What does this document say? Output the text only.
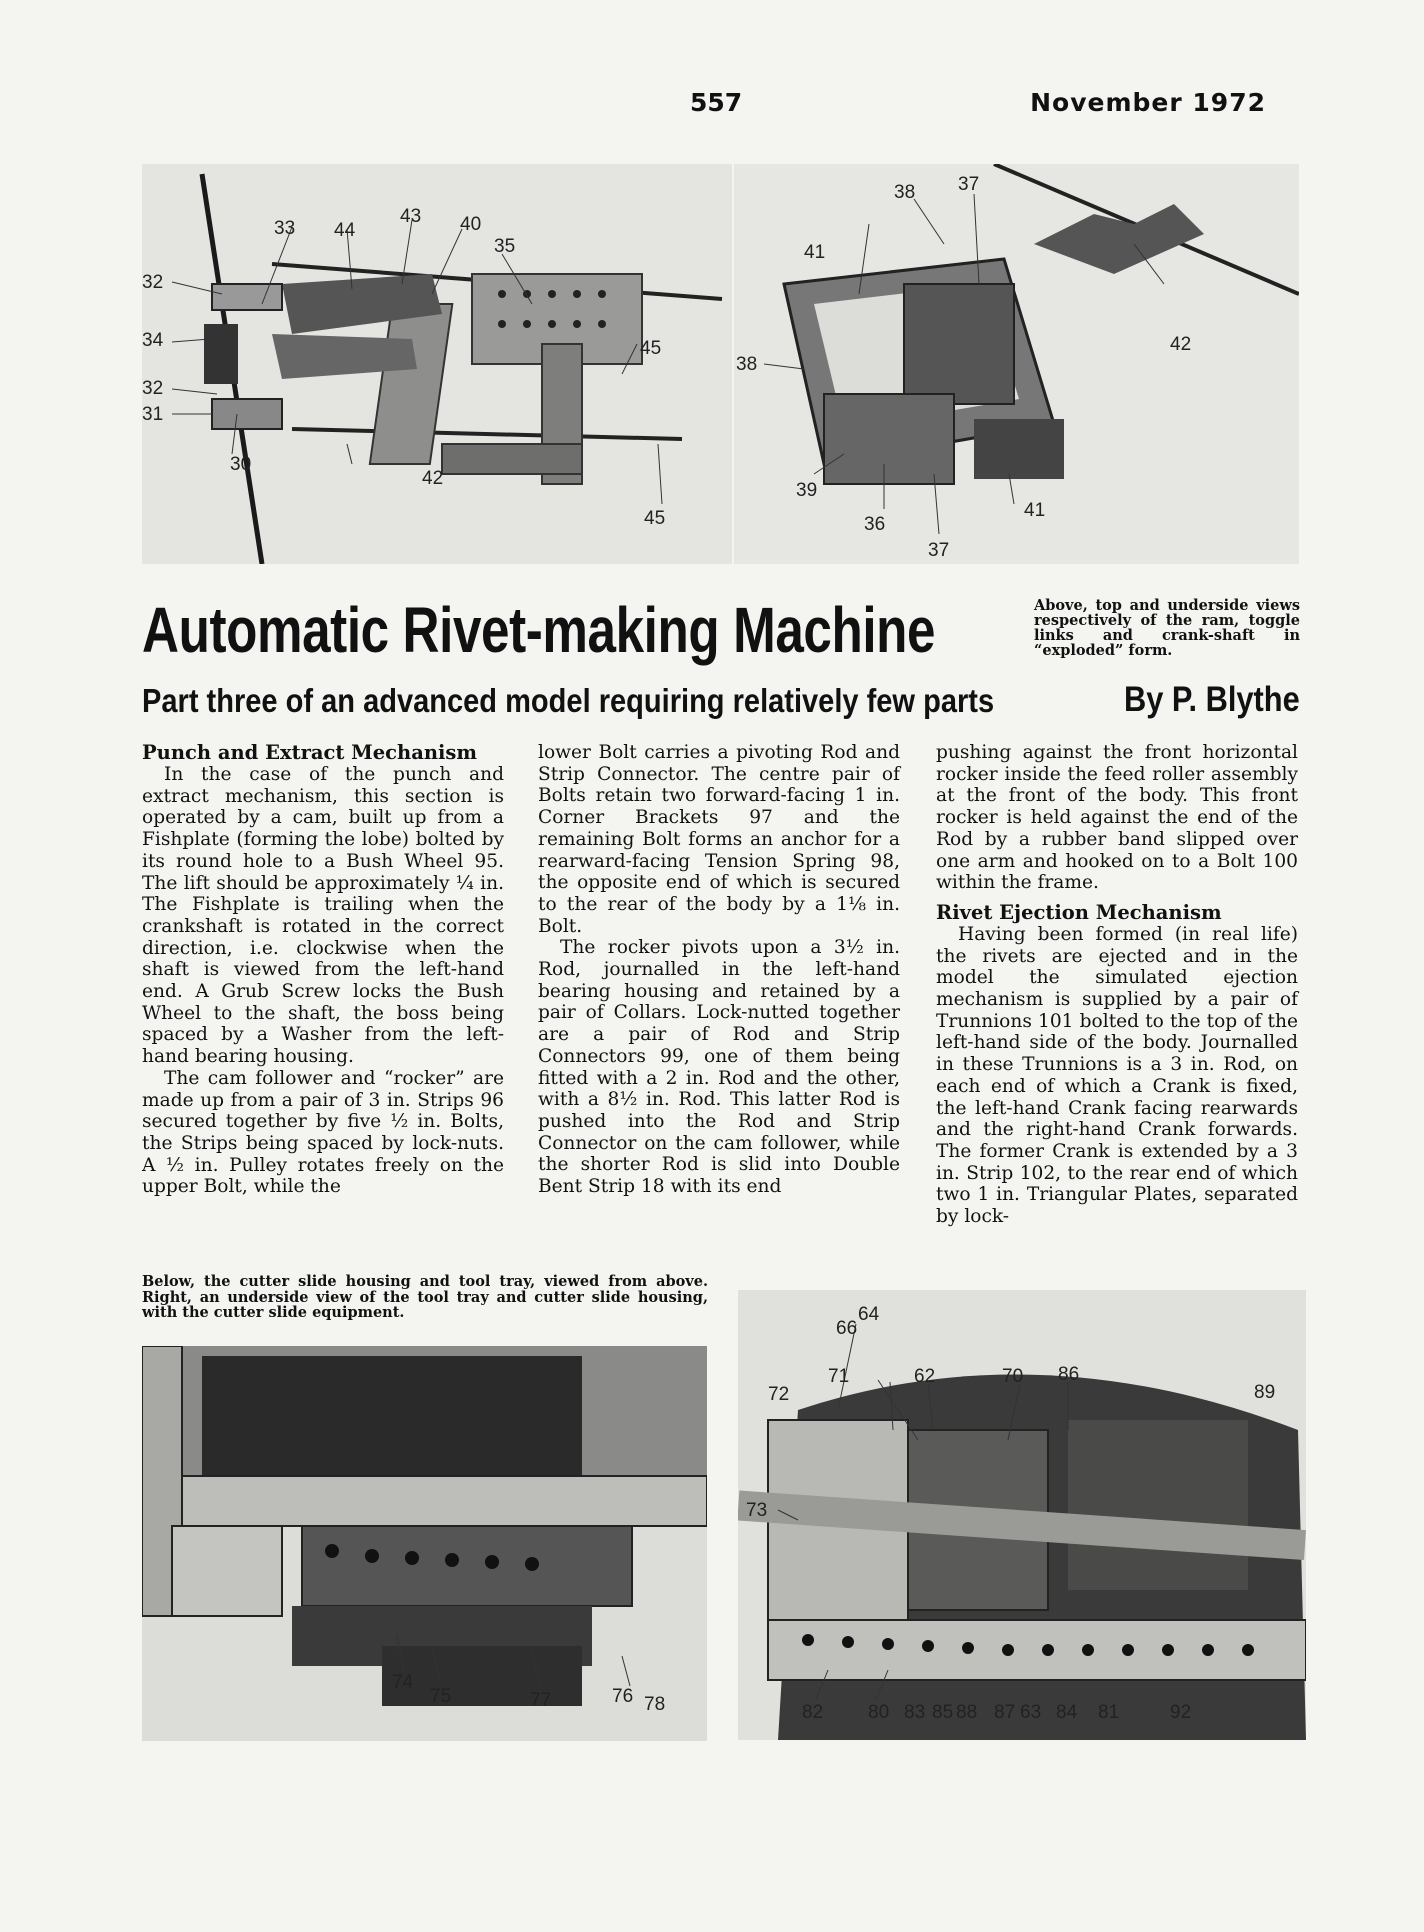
557	November 1972
32
33 44
43 40
35
34
32
31
30
42
45
45
37
38
41
38
42
39
36
37
41
Automatic Rivet-making Machine	Above, top and underside views respectively of the ram, toggle links and crank-shaft in “exploded” form.
Part three of an advanced model requiring relatively few parts	By P. Blythe
Punch and Extract Mechanism

In the case of the punch and extract mechanism, this section is operated by a cam, built up from a Fishplate (forming the lobe) bolted by its round hole to a Bush Wheel 95. The lift should be approximately ¼ in. The Fishplate is trailing when the crankshaft is rotated in the correct direction, i.e. clockwise when the shaft is viewed from the left-hand end. A Grub Screw locks the Bush Wheel to the shaft, the boss being spaced by a Washer from the left-hand bearing housing.

The cam follower and “rocker” are made up from a pair of 3 in. Strips 96 secured together by five ½ in. Bolts, the Strips being spaced by lock-nuts. A ½ in. Pulley rotates freely on the upper Bolt, while the

lower Bolt carries a pivoting Rod and Strip Connector. The centre pair of Bolts retain two forward-facing 1 in. Corner Brackets 97 and the remaining Bolt forms an anchor for a rearward-facing Tension Spring 98, the opposite end of which is secured to the rear of the body by a 1⅛ in. Bolt.

The rocker pivots upon a 3½ in. Rod, journalled in the left-hand bearing housing and retained by a pair of Collars. Lock-nutted together are a pair of Rod and Strip Connectors 99, one of them being fitted with a 2 in. Rod and the other, with a 8½ in. Rod. This latter Rod is pushed into the Rod and Strip Connector on the cam follower, while the shorter Rod is slid into Double Bent Strip 18 with its end

pushing against the front horizontal rocker inside the feed roller assembly at the front of the body. This front rocker is held against the end of the Rod by a rubber band slipped over one arm and hooked on to a Bolt 100 within the frame.

Rivet Ejection Mechanism

Having been formed (in real life) the rivets are ejected and in the model the simulated ejection mechanism is supplied by a pair of Trunnions 101 bolted to the top of the left-hand side of the body. Journalled in these Trunnions is a 3 in. Rod, on each end of which a Crank is fixed, the left-hand Crank facing rearwards and the right-hand Crank forwards. The former Crank is extended by a 3 in. Strip 102, to the rear end of which two 1 in. Triangular Plates, separated by lock-

Below, the cutter slide housing and tool tray, viewed from above. Right, an underside view of the tool tray and cutter slide housing, with the cutter slide equipment.
74
75	77	76 78
66
64
72
71	62	70 86
89
73
82 80 83 85 88 87 63 84 81	92
